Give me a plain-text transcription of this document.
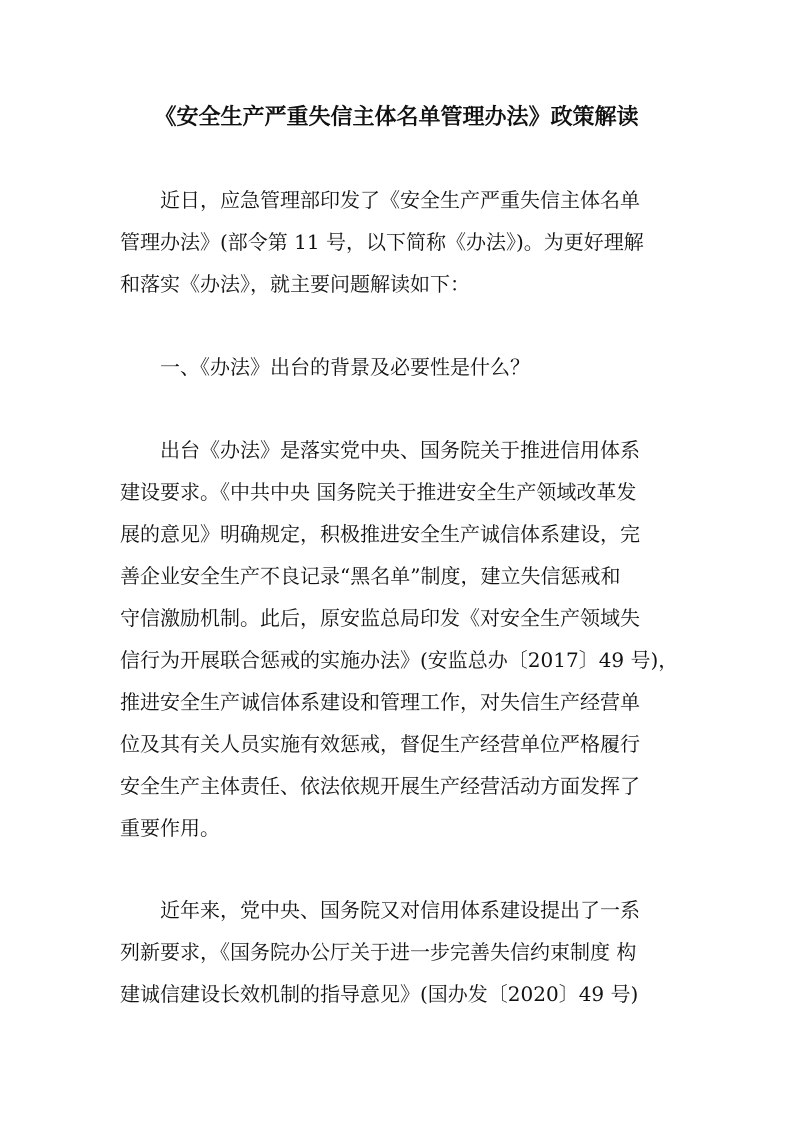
《安全生产严重失信主体名单管理办法》政策解读

近日，应急管理部印发了《安全生产严重失信主体名单

管理办法》(部令第 11 号，以下简称《办法》)。为更好理解

和落实《办法》，就主要问题解读如下：

一、《办法》出台的背景及必要性是什么？

出台《办法》是落实党中央、国务院关于推进信用体系

建设要求。《中共中央 国务院关于推进安全生产领域改革发

展的意见》明确规定，积极推进安全生产诚信体系建设，完

善企业安全生产不良记录“黑名单”制度，建立失信惩戒和

守信激励机制。此后，原安监总局印发《对安全生产领域失

信行为开展联合惩戒的实施办法》(安监总办〔2017〕49 号)，

推进安全生产诚信体系建设和管理工作，对失信生产经营单

位及其有关人员实施有效惩戒，督促生产经营单位严格履行

安全生产主体责任、依法依规开展生产经营活动方面发挥了

重要作用。

近年来，党中央、国务院又对信用体系建设提出了一系

列新要求，《国务院办公厅关于进一步完善失信约束制度 构

建诚信建设长效机制的指导意见》(国办发〔2020〕49 号)
